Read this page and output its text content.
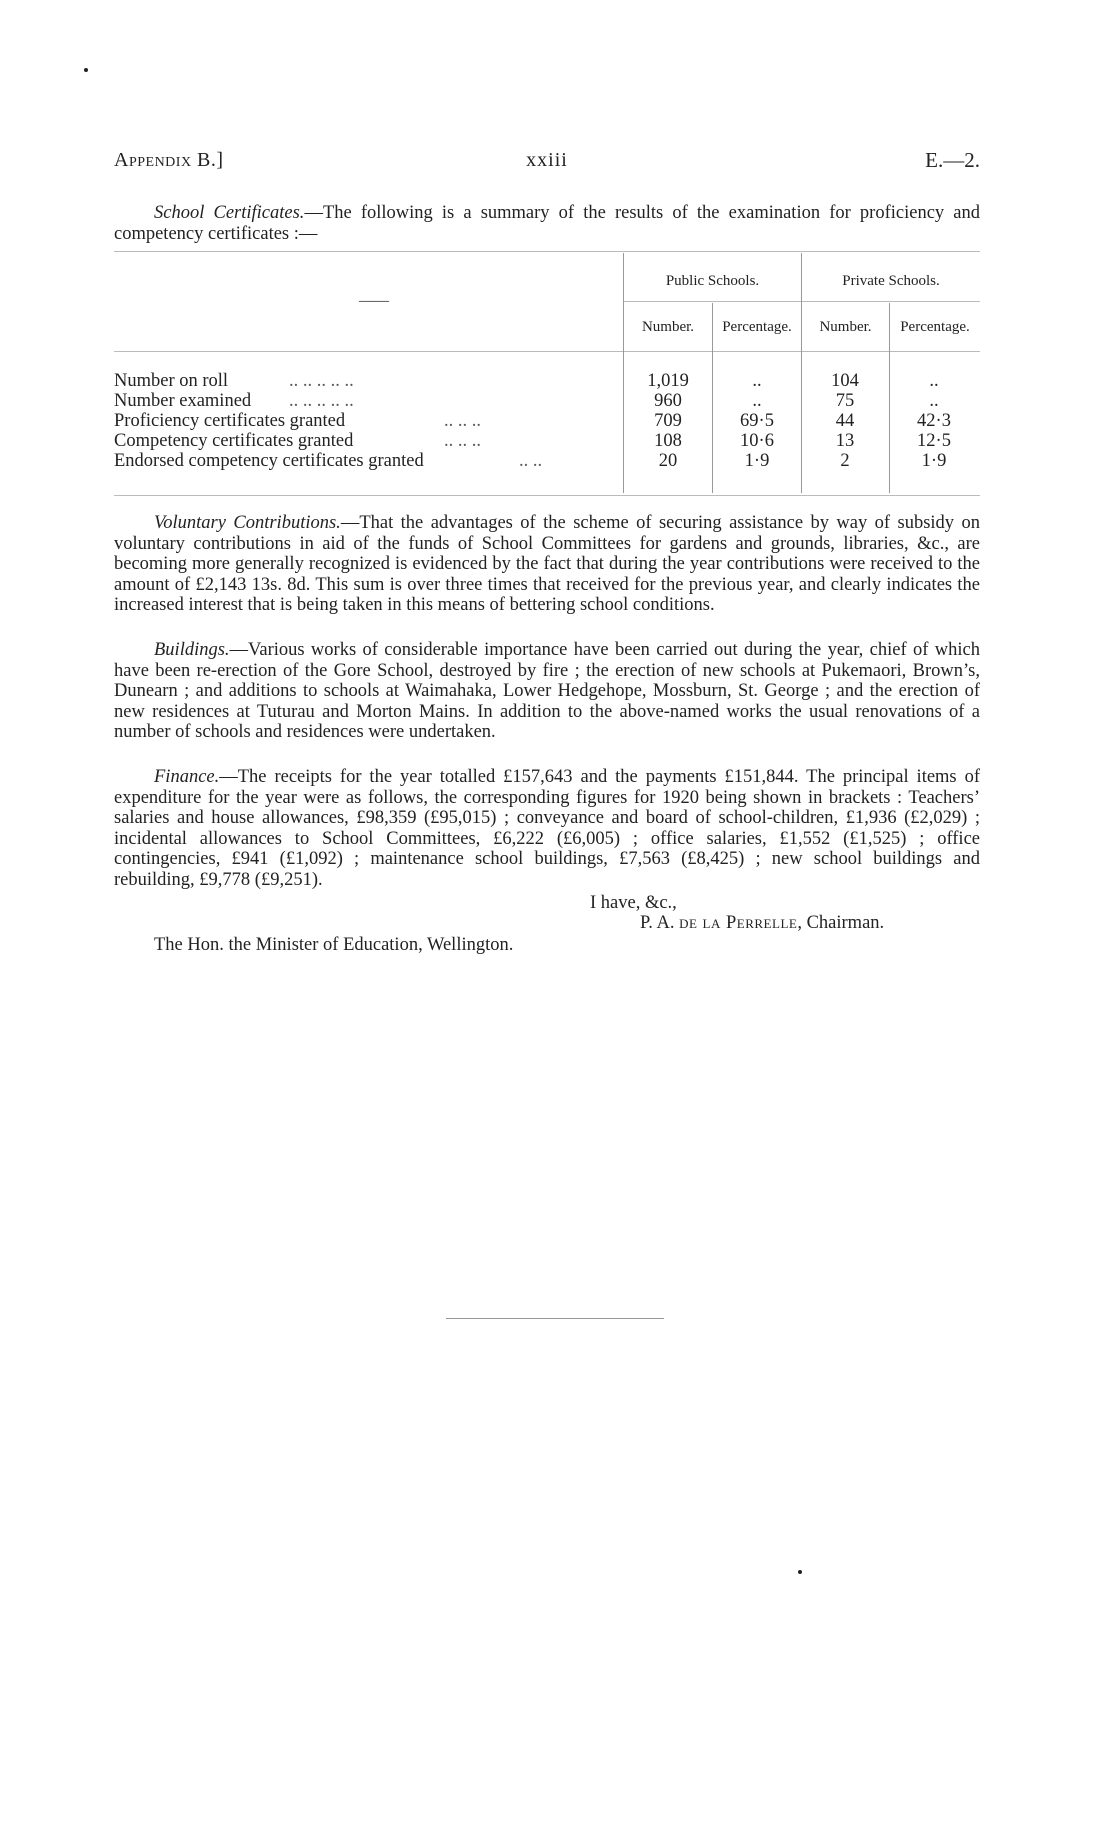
Appendix B.]	xxiii	E.—2.
School Certificates.—The following is a summary of the results of the examination for proficiency and competency certificates :—
——
Public Schools.	Private Schools.
Number.	Percentage.	Number.	Percentage.
Number on roll	.. .. .. .. ..	1,019	..	104	..
Number examined .. .. .. .. ..	960	..	75	..
Proficiency certificates granted	.. .. ..	709	69·5	44	42·3
Competency certificates granted	.. .. ..	108	10·6	13	12·5
Endorsed competency certificates granted	.. ..	20	1·9	2	1·9
Voluntary Contributions.—That the advantages of the scheme of securing assistance by way of subsidy on voluntary contributions in aid of the funds of School Committees for gardens and grounds, libraries, &c., are becoming more generally recognized is evidenced by the fact that during the year contributions were received to the amount of £2,143 13s. 8d. This sum is over three times that received for the previous year, and clearly indicates the increased interest that is being taken in this means of bettering school conditions.
Buildings.—Various works of considerable importance have been carried out during the year, chief of which have been re-erection of the Gore School, destroyed by fire ; the erection of new schools at Pukemaori, Brown’s, Dunearn ; and additions to schools at Waimahaka, Lower Hedgehope, Mossburn, St. George ; and the erection of new residences at Tuturau and Morton Mains. In addition to the above-named works the usual renovations of a number of schools and residences were undertaken.
Finance.—The receipts for the year totalled £157,643 and the payments £151,844. The principal items of expenditure for the year were as follows, the corresponding figures for 1920 being shown in brackets : Teachers’ salaries and house allowances, £98,359 (£95,015) ; conveyance and board of school-children, £1,936 (£2,029) ; incidental allowances to School Committees, £6,222 (£6,005) ; office salaries, £1,552 (£1,525) ; office contingencies, £941 (£1,092) ; maintenance school buildings, £7,563 (£8,425) ; new school buildings and rebuilding, £9,778 (£9,251).
I have, &c.,
P. A. de la Perrelle, Chairman.
The Hon. the Minister of Education, Wellington.
